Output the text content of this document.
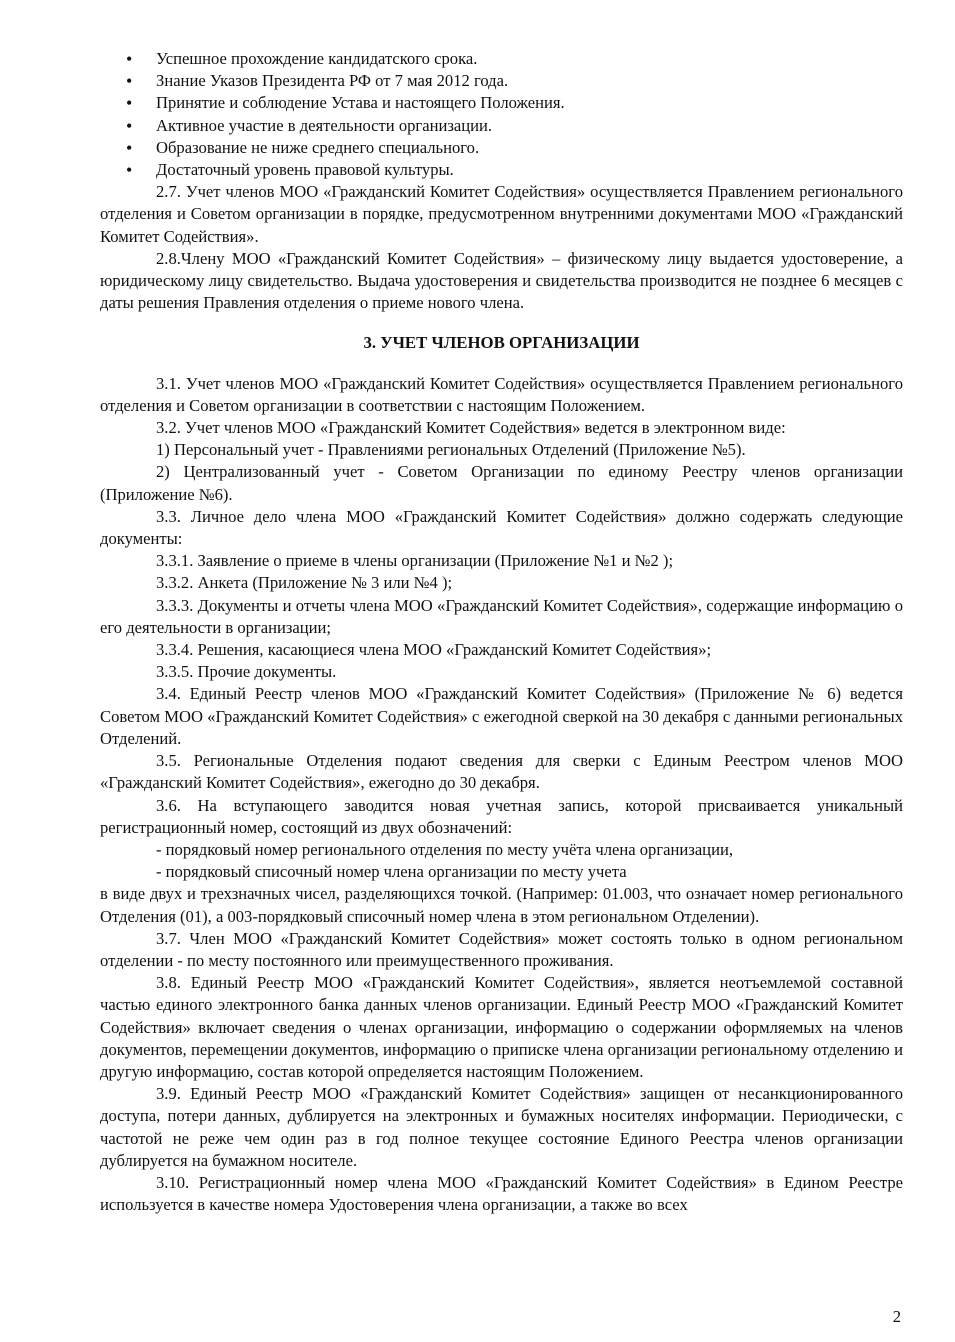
• Успешное прохождение кандидатского срока.
• Знание Указов Президента РФ от 7 мая 2012 года.
• Принятие и соблюдение Устава и настоящего Положения.
• Активное участие в деятельности организации.
• Образование не ниже среднего специального.
• Достаточный уровень правовой культуры.

2.7. Учет членов МОО «Гражданский Комитет Содействия» осуществляется Правлением регионального отделения и Советом организации в порядке, предусмотренном внутренними документами МОО «Гражданский Комитет Содействия».

2.8.Члену МОО «Гражданский Комитет Содействия» – физическому лицу выдается удостоверение, а юридическому лицу свидетельство. Выдача удостоверения и свидетельства производится не позднее 6 месяцев с даты решения Правления отделения о приеме нового члена.

3. УЧЕТ ЧЛЕНОВ ОРГАНИЗАЦИИ

3.1. Учет членов МОО «Гражданский Комитет Содействия» осуществляется Правлением регионального отделения и Советом организации в соответствии с настоящим Положением.

3.2. Учет членов МОО «Гражданский Комитет Содействия» ведется в электронном виде:

1) Персональный учет - Правлениями региональных Отделений (Приложение №5).

2) Централизованный учет - Советом Организации по единому Реестру членов организации (Приложение №6).

3.3. Личное дело члена МОО «Гражданский Комитет Содействия» должно содержать следующие документы:

3.3.1. Заявление о приеме в члены организации (Приложение №1 и №2 );

3.3.2. Анкета (Приложение № 3 или №4 );

3.3.3. Документы и отчеты члена МОО «Гражданский Комитет Содействия», содержащие информацию о его деятельности в организации;

3.3.4. Решения, касающиеся члена МОО «Гражданский Комитет Содействия»;

3.3.5. Прочие документы.

3.4. Единый Реестр членов МОО «Гражданский Комитет Содействия» (Приложение № 6) ведется Советом МОО «Гражданский Комитет Содействия» с ежегодной сверкой на 30 декабря с данными региональных Отделений.

3.5. Региональные Отделения подают сведения для сверки с Единым Реестром членов МОО «Гражданский Комитет Содействия», ежегодно до 30 декабря.

3.6. На вступающего заводится новая учетная запись, которой присваивается уникальный регистрационный номер, состоящий из двух обозначений:

- порядковый номер регионального отделения по месту учёта члена организации,

- порядковый списочный номер члена организации по месту учета

в виде двух и трехзначных чисел, разделяющихся точкой. (Например: 01.003, что означает номер регионального Отделения (01), а 003-порядковый списочный номер члена в этом региональном Отделении).

3.7. Член МОО «Гражданский Комитет Содействия» может состоять только в одном региональном отделении - по месту постоянного или преимущественного проживания.

3.8. Единый Реестр МОО «Гражданский Комитет Содействия», является неотъемлемой составной частью единого электронного банка данных членов организации. Единый Реестр МОО «Гражданский Комитет Содействия» включает сведения о членах организации, информацию о содержании оформляемых на членов документов, перемещении документов, информацию о приписке члена организации региональному отделению и другую информацию, состав которой определяется настоящим Положением.

3.9. Единый Реестр МОО «Гражданский Комитет Содействия» защищен от несанкционированного доступа, потери данных, дублируется на электронных и бумажных носителях информации. Периодически, с частотой не реже чем один раз в год полное текущее состояние Единого Реестра членов организации дублируется на бумажном носителе.

3.10. Регистрационный номер члена МОО «Гражданский Комитет Содействия» в Едином Реестре используется в качестве номера Удостоверения члена организации, а также во всех

2
